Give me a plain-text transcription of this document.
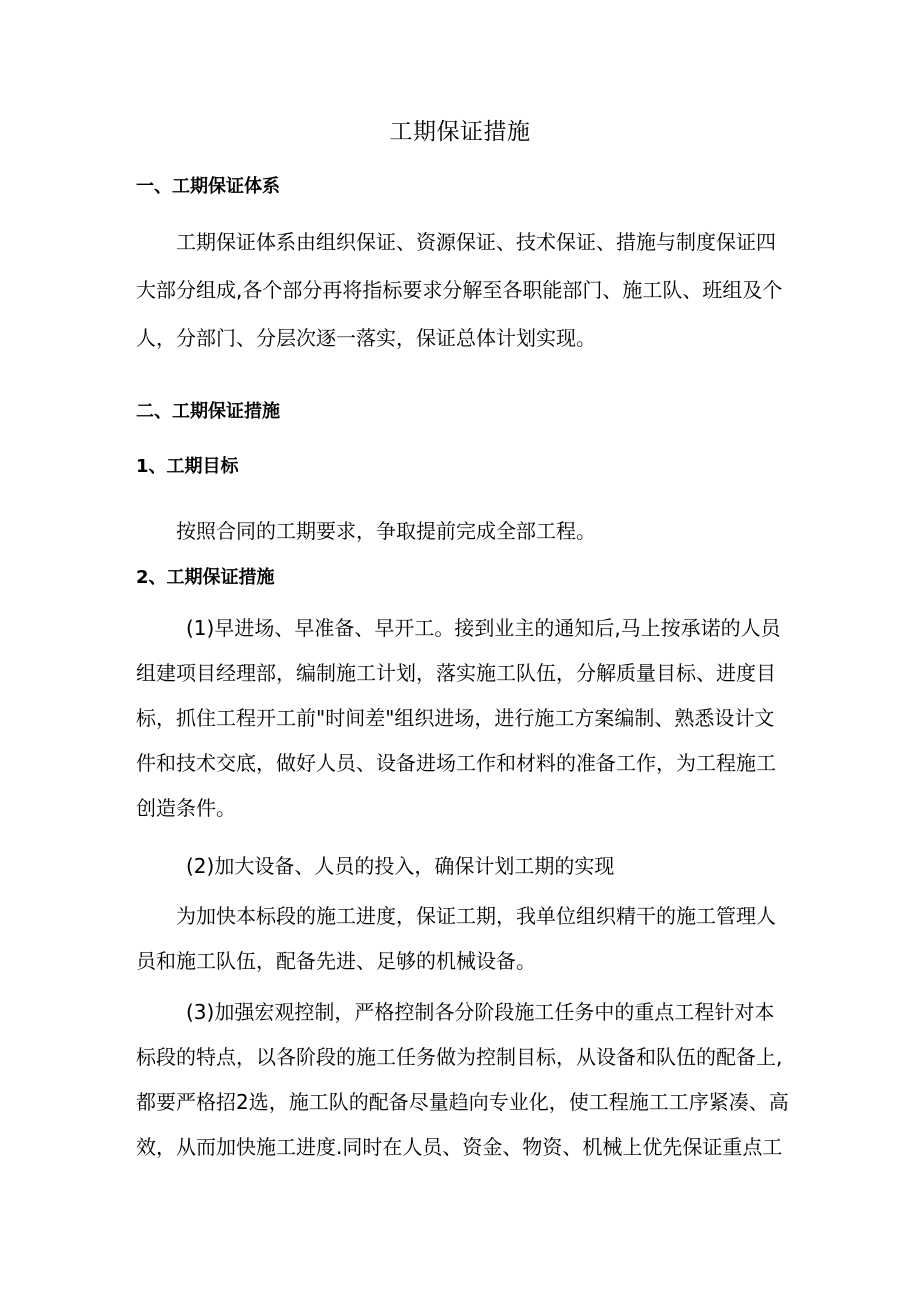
工期保证措施
一、工期保证体系
工期保证体系由组织保证、资源保证、技术保证、措施与制度保证四
大部分组成,各个部分再将指标要求分解至各职能部门、施工队、班组及个
人，分部门、分层次逐一落实，保证总体计划实现。
二、工期保证措施
1、工期目标
按照合同的工期要求，争取提前完成全部工程。
2、工期保证措施
(1)早进场、早准备、早开工。接到业主的通知后,马上按承诺的人员
组建项目经理部，编制施工计划，落实施工队伍，分解质量目标、进度目
标，抓住工程开工前"时间差"组织进场，进行施工方案编制、熟悉设计文
件和技术交底，做好人员、设备进场工作和材料的准备工作，为工程施工
创造条件。
(2)加大设备、人员的投入，确保计划工期的实现
为加快本标段的施工进度，保证工期，我单位组织精干的施工管理人
员和施工队伍，配备先进、足够的机械设备。
(3)加强宏观控制，严格控制各分阶段施工任务中的重点工程针对本
标段的特点，以各阶段的施工任务做为控制目标，从设备和队伍的配备上,
都要严格招2选，施工队的配备尽量趋向专业化，使工程施工工序紧凑、高
效，从而加快施工进度.同时在人员、资金、物资、机械上优先保证重点工
